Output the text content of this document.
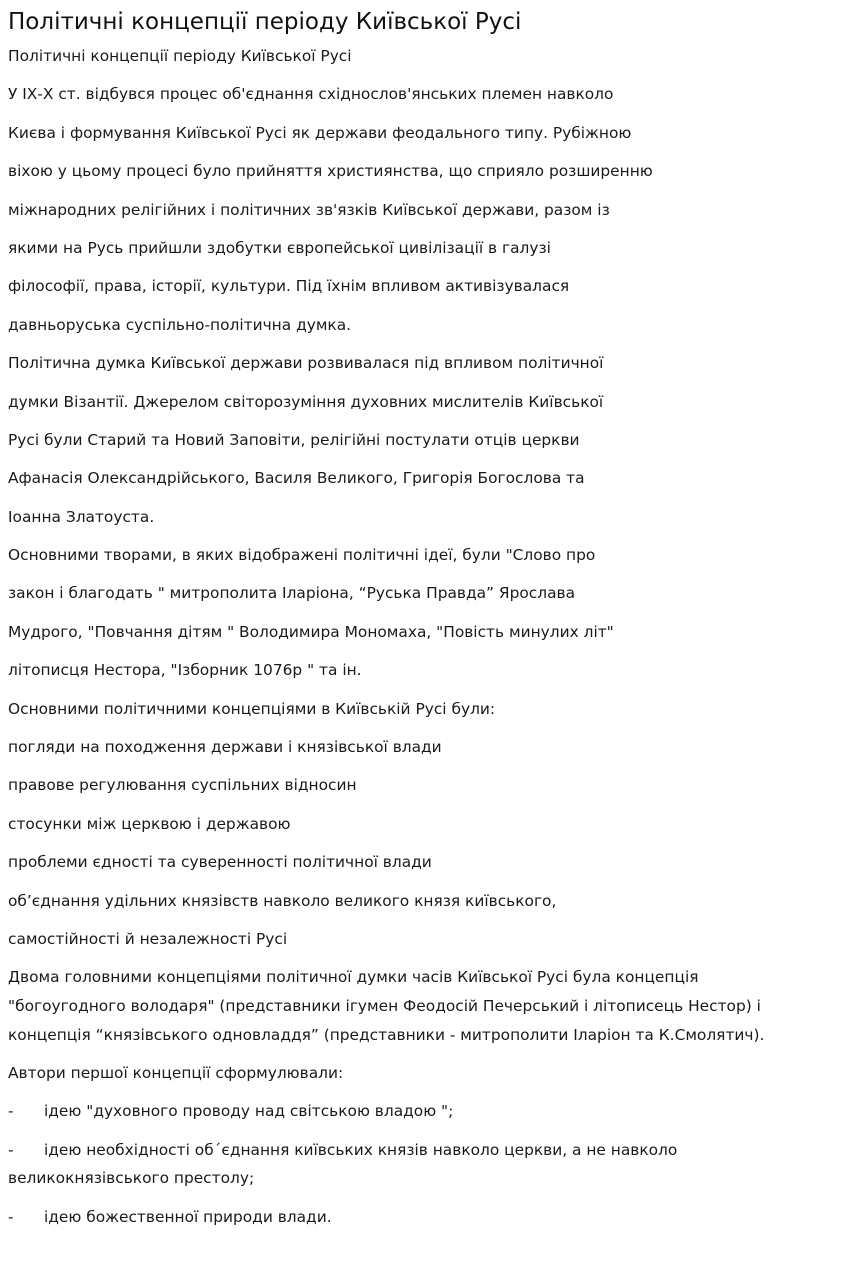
Політичні концепції періоду Київської Русі
Політичні концепції періоду Київської Русі
У ІХ-Х ст. відбувся процес об'єднання східнослов'янських племен навколо
Києва і формування Київської Русі як держави феодального типу. Рубіжною
віхою у цьому процесі було прийняття християнства, що сприяло розширенню
міжнародних релігійних і політичних зв'язків Київської держави, разом із
якими на Русь прийшли здобутки європейської цивілізації в галузі
філософії, права, історії, культури. Під їхнім впливом активізувалася
давньоруська суспільно-політична думка.
Політична думка Київської держави розвивалася під впливом політичної
думки Візантії. Джерелом світорозуміння духовних мислителів Київської
Русі були Старий та Новий Заповіти, релігійні постулати отців церкви
Афанасія Олександрійського, Василя Великого, Григорія Богослова та
Іоанна Златоуста.
Основними творами, в яких відображені політичні ідеї, були "Слово про
закон і благодать " митрополита Іларіона, “Руська Правда” Ярослава
Мудрого, "Повчання дітям " Володимира Мономаха, "Повість минулих літ"
літописця Нестора, "Ізборник 1076р " та ін.
Основними політичними концепціями в Київській Русі були:
погляди на походження держави і князівської влади
правове регулювання суспільних відносин
стосунки між церквою і державою
проблеми єдності та суверенності політичної влади
об’єднання удільних князівств навколо великого князя київського,
самостійності й незалежності Русі
Двома головними концепціями політичної думки часів Київської Русі була концепція
"богоугодного володаря" (представники ігумен Феодосій Печерський і літописець Нестор) і
концепція “князівського одновладдя” (представники - митрополити Іларіон та К.Смолятич).
Автори першої концепції сформулювали:
- ідею "духовного проводу над світською владою ";
- ідею необхідності об΄єднання київських князів навколо церкви, а не навколо
великокнязівського престолу;
- ідею божественної природи влади.
